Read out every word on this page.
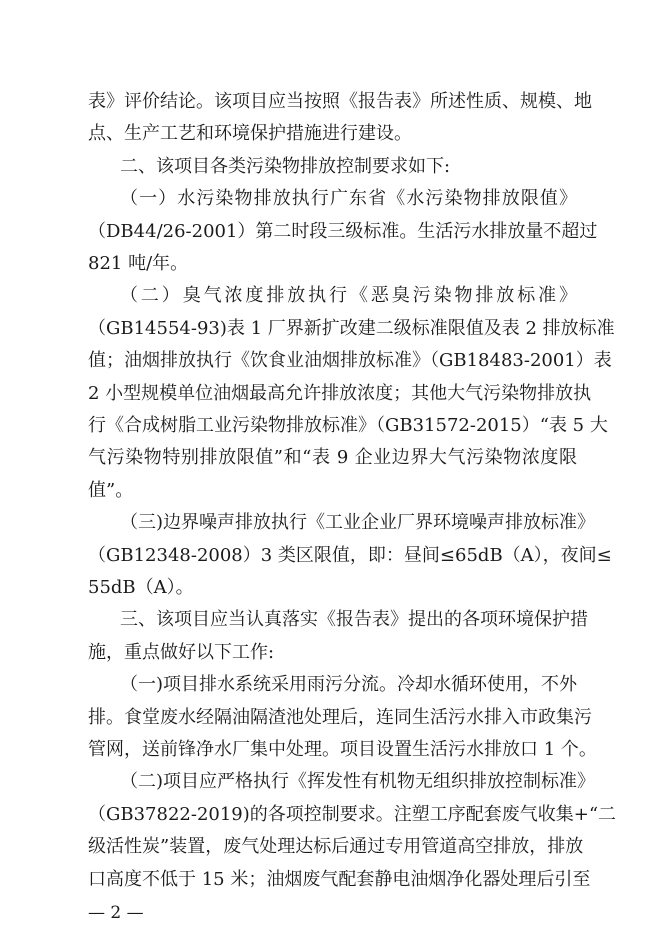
表》评价结论。该项目应当按照《报告表》所述性质、规模、地
点、生产工艺和环境保护措施进行建设。
二、该项目各类污染物排放控制要求如下:
（一）水污染物排放执行广东省《水污染物排放限值》
（DB44/26-2001）第二时段三级标准。生活污水排放量不超过
821 吨/年。
（二）臭气浓度排放执行《恶臭污染物排放标准》
（GB14554-93)表 1 厂界新扩改建二级标准限值及表 2 排放标准
值；油烟排放执行《饮食业油烟排放标准》（GB18483-2001）表
2 小型规模单位油烟最高允许排放浓度；其他大气污染物排放执
行《合成树脂工业污染物排放标准》（GB31572-2015）“表 5 大
气污染物特别排放限值”和“表 9 企业边界大气污染物浓度限
值”。
（三)边界噪声排放执行《工业企业厂界环境噪声排放标准》
（GB12348-2008）3 类区限值，即：昼间≤65dB（A），夜间≤
55dB（A）。
三、该项目应当认真落实《报告表》提出的各项环境保护措
施，重点做好以下工作:
（一)项目排水系统采用雨污分流。冷却水循环使用，不外
排。食堂废水经隔油隔渣池处理后，连同生活污水排入市政集污
管网，送前锋净水厂集中处理。项目设置生活污水排放口 1 个。
（二)项目应严格执行《挥发性有机物无组织排放控制标准》
（GB37822-2019)的各项控制要求。注塑工序配套废气收集+“二
级活性炭”装置，废气处理达标后通过专用管道高空排放，排放
口高度不低于 15 米；油烟废气配套静电油烟净化器处理后引至
— 2 —
